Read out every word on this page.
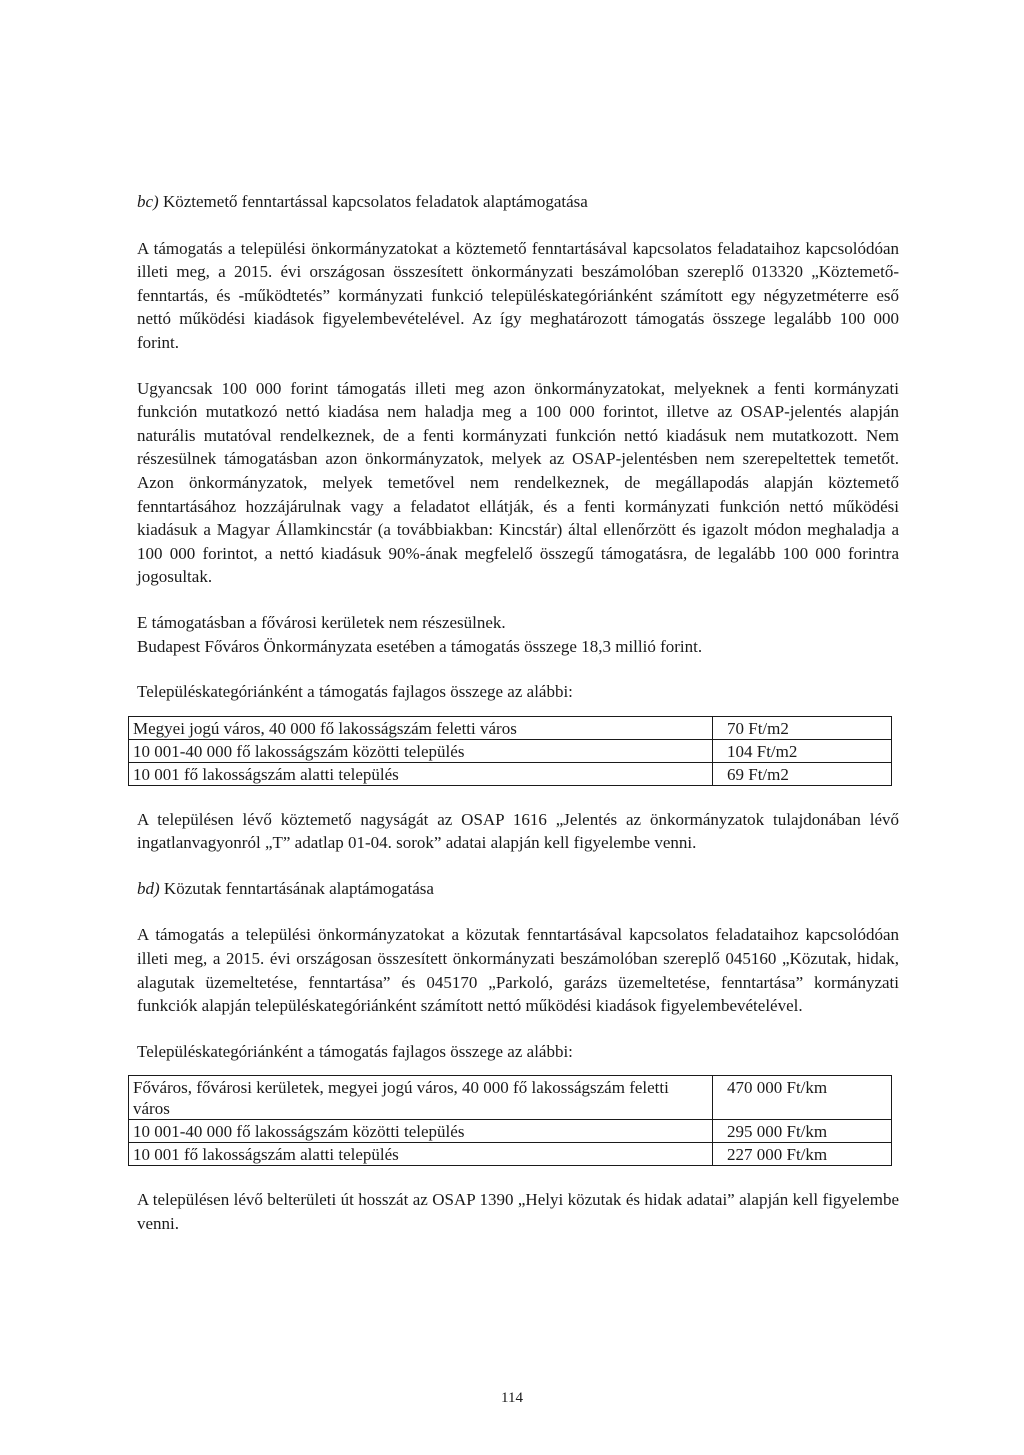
bc) Köztemető fenntartással kapcsolatos feladatok alaptámogatása

A támogatás a települési önkormányzatokat a köztemető fenntartásával kapcsolatos feladataihoz kapcsolódóan illeti meg, a 2015. évi országosan összesített önkormányzati beszámolóban szereplő 013320 „Köztemető-fenntartás, és -működtetés” kormányzati funkció településkategóriánként számított egy négyzetméterre eső nettó működési kiadások figyelembevételével. Az így meghatározott támogatás összege legalább 100 000 forint.

Ugyancsak 100 000 forint támogatás illeti meg azon önkormányzatokat, melyeknek a fenti kormányzati funkción mutatkozó nettó kiadása nem haladja meg a 100 000 forintot, illetve az OSAP-jelentés alapján naturális mutatóval rendelkeznek, de a fenti kormányzati funkción nettó kiadásuk nem mutatkozott. Nem részesülnek támogatásban azon önkormányzatok, melyek az OSAP-jelentésben nem szerepeltettek temetőt. Azon önkormányzatok, melyek temetővel nem rendelkeznek, de megállapodás alapján köztemető fenntartásához hozzájárulnak vagy a feladatot ellátják, és a fenti kormányzati funkción nettó működési kiadásuk a Magyar Államkincstár (a továbbiakban: Kincstár) által ellenőrzött és igazolt módon meghaladja a 100 000 forintot, a nettó kiadásuk 90%-ának megfelelő összegű támogatásra, de legalább 100 000 forintra jogosultak.

E támogatásban a fővárosi kerületek nem részesülnek.
Budapest Főváros Önkormányzata esetében a támogatás összege 18,3 millió forint.

Településkategóriánként a támogatás fajlagos összege az alábbi:

Megyei jogú város, 40 000 fő lakosságszám feletti város	70 Ft/m2
10 001-40 000 fő lakosságszám közötti település	104 Ft/m2
10 001 fő lakosságszám alatti település	69 Ft/m2

A településen lévő köztemető nagyságát az OSAP 1616 „Jelentés az önkormányzatok tulajdonában lévő ingatlanvagyonról „T” adatlap 01-04. sorok” adatai alapján kell figyelembe venni.

bd) Közutak fenntartásának alaptámogatása

A támogatás a települési önkormányzatokat a közutak fenntartásával kapcsolatos feladataihoz kapcsolódóan illeti meg, a 2015. évi országosan összesített önkormányzati beszámolóban szereplő 045160 „Közutak, hidak, alagutak üzemeltetése, fenntartása” és 045170 „Parkoló, garázs üzemeltetése, fenntartása” kormányzati funkciók alapján településkategóriánként számított nettó működési kiadások figyelembevételével.

Településkategóriánként a támogatás fajlagos összege az alábbi:

Főváros, fővárosi kerületek, megyei jogú város, 40 000 fő lakosságszám feletti város	470 000 Ft/km
10 001-40 000 fő lakosságszám közötti település	295 000 Ft/km
10 001 fő lakosságszám alatti település	227 000 Ft/km

A településen lévő belterületi út hosszát az OSAP 1390 „Helyi közutak és hidak adatai” alapján kell figyelembe venni.

114
